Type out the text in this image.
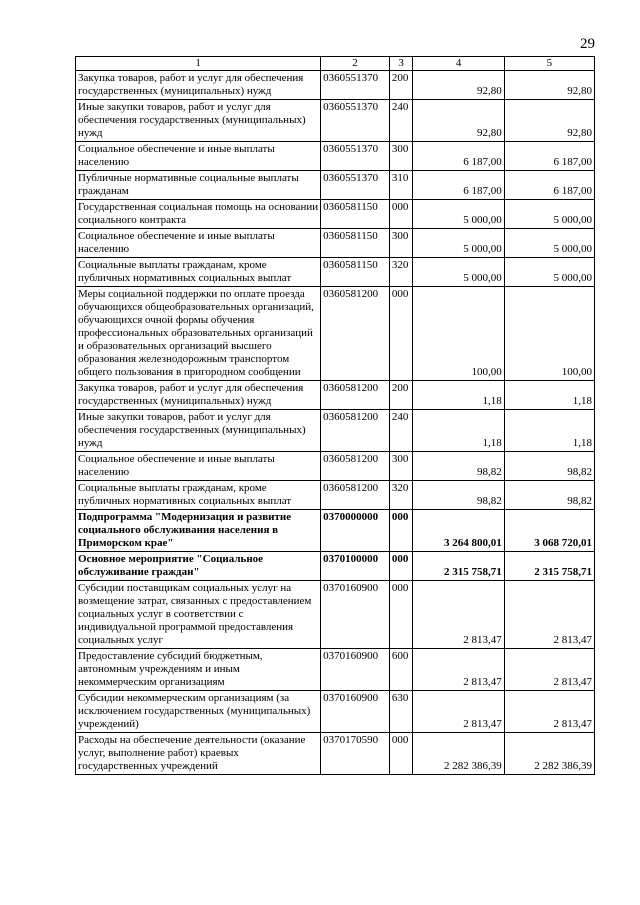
29
1	2	3	4	5
Закупка товаров, работ и услуг для обеспечения государственных (муниципальных) нужд	0360551370	200	92,80	92,80
Иные закупки товаров, работ и услуг для обеспечения государственных (муниципальных) нужд	0360551370	240	92,80	92,80
Социальное обеспечение и иные выплаты населению	0360551370	300	6 187,00	6 187,00
Публичные нормативные социальные выплаты гражданам	0360551370	310	6 187,00	6 187,00
Государственная социальная помощь на основании социального контракта	0360581150	000	5 000,00	5 000,00
Социальное обеспечение и иные выплаты населению	0360581150	300	5 000,00	5 000,00
Социальные выплаты гражданам, кроме публичных нормативных социальных выплат	0360581150	320	5 000,00	5 000,00
Меры социальной поддержки по оплате проезда обучающихся общеобразовательных организаций, обучающихся очной формы обучения профессиональных образовательных организаций и образовательных организаций высшего образования железнодорожным транспортом общего пользования в пригородном сообщении	0360581200	000	100,00	100,00
Закупка товаров, работ и услуг для обеспечения государственных (муниципальных) нужд	0360581200	200	1,18	1,18
Иные закупки товаров, работ и услуг для обеспечения государственных (муниципальных) нужд	0360581200	240	1,18	1,18
Социальное обеспечение и иные выплаты населению	0360581200	300	98,82	98,82
Социальные выплаты гражданам, кроме публичных нормативных социальных выплат	0360581200	320	98,82	98,82
Подпрограмма "Модернизация и развитие социального обслуживания населения в Приморском крае"	0370000000	000	3 264 800,01	3 068 720,01
Основное мероприятие "Социальное обслуживание граждан"	0370100000	000	2 315 758,71	2 315 758,71
Субсидии поставщикам социальных услуг на возмещение затрат, связанных с предоставлением социальных услуг в соответствии с индивидуальной программой предоставления социальных услуг	0370160900	000	2 813,47	2 813,47
Предоставление субсидий бюджетным, автономным учреждениям и иным некоммерческим организациям	0370160900	600	2 813,47	2 813,47
Субсидии некоммерческим организациям (за исключением государственных (муниципальных) учреждений)	0370160900	630	2 813,47	2 813,47
Расходы на обеспечение деятельности (оказание услуг, выполнение работ) краевых государственных учреждений	0370170590	000	2 282 386,39	2 282 386,39
